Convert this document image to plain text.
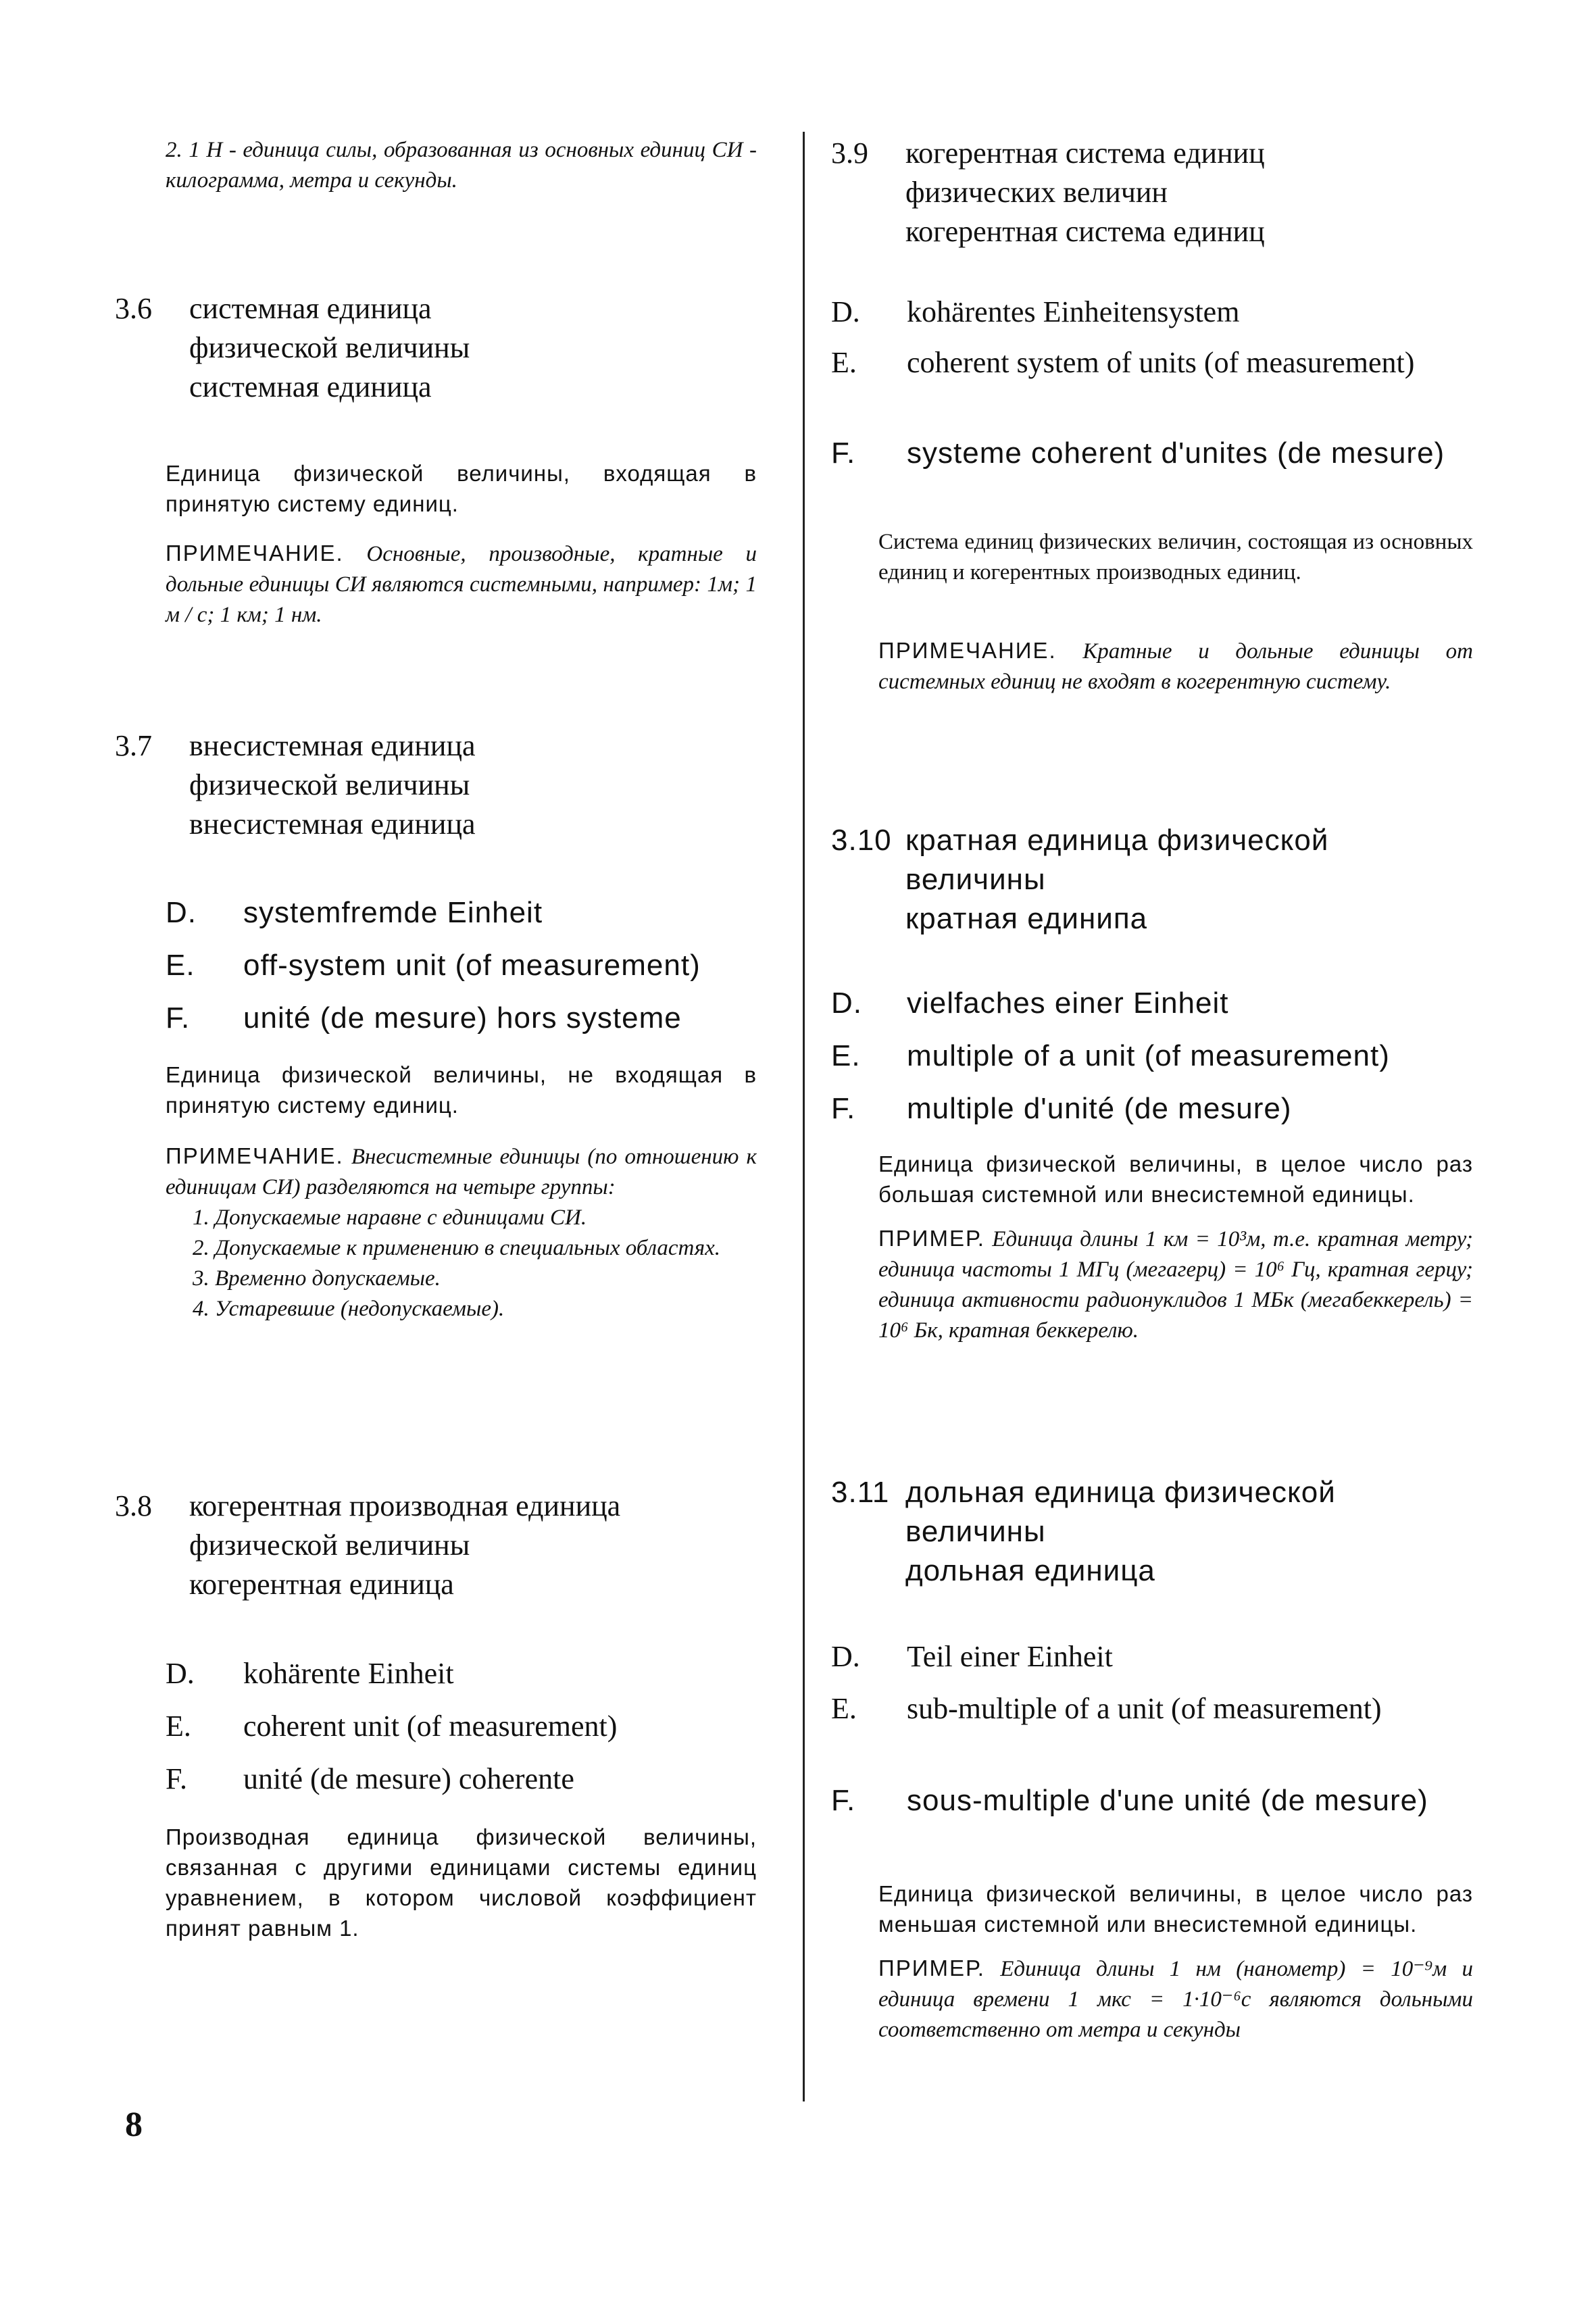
2. 1 Н - единица силы, образованная из основных единиц СИ - килограмма, метра и секунды.
3.6 системная единица
физической величины
системная единица
Единица физической величины, входящая в принятую систему единиц.
ПРИМЕЧАНИЕ. Основные, производные, кратные и дольные единицы СИ являются системными, например: 1м; 1 м / с; 1 км; 1 нм.
3.7 внесистемная единица
физической величины
внесистемная единица
D. systemfremde Einheit
E. off-system unit (of measurement)
F. unité (de mesure) hors systeme
Единица физической величины, не входящая в принятую систему единиц.
ПРИМЕЧАНИЕ. Внесистемные единицы (по отношению к единицам СИ) разделяются на четыре группы:
1. Допускаемые наравне с единицами СИ.
2. Допускаемые к применению в специальных областях.
3. Временно допускаемые.
4. Устаревшие (недопускаемые).
3.8 когерентная производная единица
физической величины
когерентная единица
D. kohärente Einheit
E. coherent unit (of measurement)
F. unité (de mesure) coherente
Производная единица физической величины, связанная с другими единицами системы единиц уравнением, в котором числовой коэффициент принят равным 1.
3.9 когерентная система единиц
физических величин
когерентная система единиц
D. kohärentes Einheitensystem
E. coherent system of units (of measurement)
F. systeme coherent d'unites (de mesure)
Система единиц физических величин, состоящая из основных единиц и когерентных производных единиц.
ПРИМЕЧАНИЕ. Кратные и дольные единицы от системных единиц не входят в когерентную систему.
3.10 кратная единица физической
величины
кратная единипа
D. vielfaches einer Einheit
E. multiple of a unit (of measurement)
F. multiple d'unité (de mesure)
Единица физической величины, в целое число раз большая системной или внесистемной единицы.
ПРИМЕР. Единица длины 1 км = 10³м, т.е. кратная метру; единица частоты 1 МГц (мегагерц) = 10⁶ Гц, кратная герцу; единица активности радионуклидов 1 МБк (мегабеккерель) = 10⁶ Бк, кратная беккерелю.
3.11 дольная единица физической
величины
дольная единица
D. Teil einer Einheit
E. sub-multiple of a unit (of measurement)
F. sous-multiple d'une unité (de mesure)
Единица физической величины, в целое число раз меньшая системной или внесистемной единицы.
ПРИМЕР. Единица длины 1 нм (нанометр) = 10⁻⁹м и единица времени 1 мкс = 1·10⁻⁶с являются дольными соответственно от метра и секунды
8
